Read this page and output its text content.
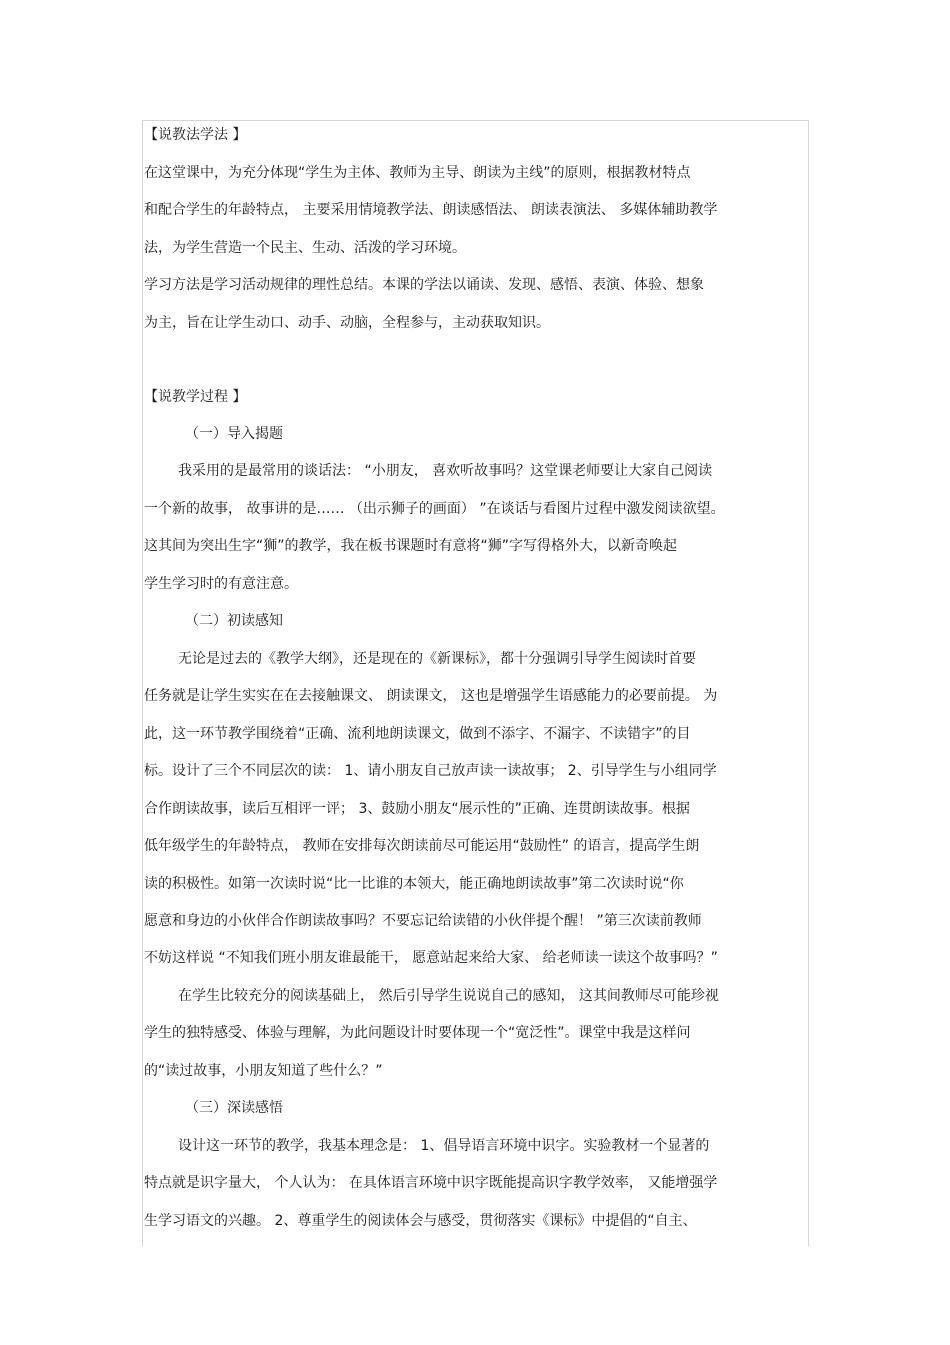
【说教法学法 】
在这堂课中，为充分体现“学生为主体、教师为主导、朗读为主线”的原则，根据教材特点
和配合学生的年龄特点， 主要采用情境教学法、朗读感悟法、 朗读表演法、 多媒体辅助教学
法，为学生营造一个民主、生动、活泼的学习环境。
学习方法是学习活动规律的理性总结。本课的学法以诵读、发现、感悟、表演、体验、想象
为主，旨在让学生动口、动手、动脑，全程参与，主动获取知识。
【说教学过程 】
（一）导入揭题
我采用的是最常用的谈话法： “小朋友， 喜欢听故事吗？这堂课老师要让大家自己阅读
一个新的故事， 故事讲的是…… （出示狮子的画面） ”在谈话与看图片过程中激发阅读欲望。
这其间为突出生字“狮”的教学，我在板书课题时有意将“狮”字写得格外大，以新奇唤起
学生学习时的有意注意。
（二）初读感知
无论是过去的《教学大纲》，还是现在的《新课标》，都十分强调引导学生阅读时首要
任务就是让学生实实在在去接触课文、 朗读课文， 这也是增强学生语感能力的必要前提。 为
此，这一环节教学围绕着“正确、流利地朗读课文，做到不添字、不漏字、不读错字”的目
标。设计了三个不同层次的读： 1、请小朋友自己放声读一读故事； 2、引导学生与小组同学
合作朗读故事，读后互相评一评； 3、鼓励小朋友“展示性的”正确、连贯朗读故事。根据
低年级学生的年龄特点， 教师在安排每次朗读前尽可能运用“鼓励性” 的语言，提高学生朗
读的积极性。如第一次读时说“比一比谁的本领大，能正确地朗读故事”第二次读时说“你
愿意和身边的小伙伴合作朗读故事吗？不要忘记给读错的小伙伴提个醒！ ”第三次读前教师
不妨这样说 “不知我们班小朋友谁最能干， 愿意站起来给大家、 给老师读一读这个故事吗？”
在学生比较充分的阅读基础上， 然后引导学生说说自己的感知， 这其间教师尽可能珍视
学生的独特感受、体验与理解，为此问题设计时要体现一个“宽泛性”。课堂中我是这样问
的“读过故事，小朋友知道了些什么？”
（三）深读感悟
设计这一环节的教学，我基本理念是： 1、倡导语言环境中识字。实验教材一个显著的
特点就是识字量大， 个人认为： 在具体语言环境中识字既能提高识字教学效率， 又能增强学
生学习语文的兴趣。 2、尊重学生的阅读体会与感受，贯彻落实《课标》中提倡的“自主、
